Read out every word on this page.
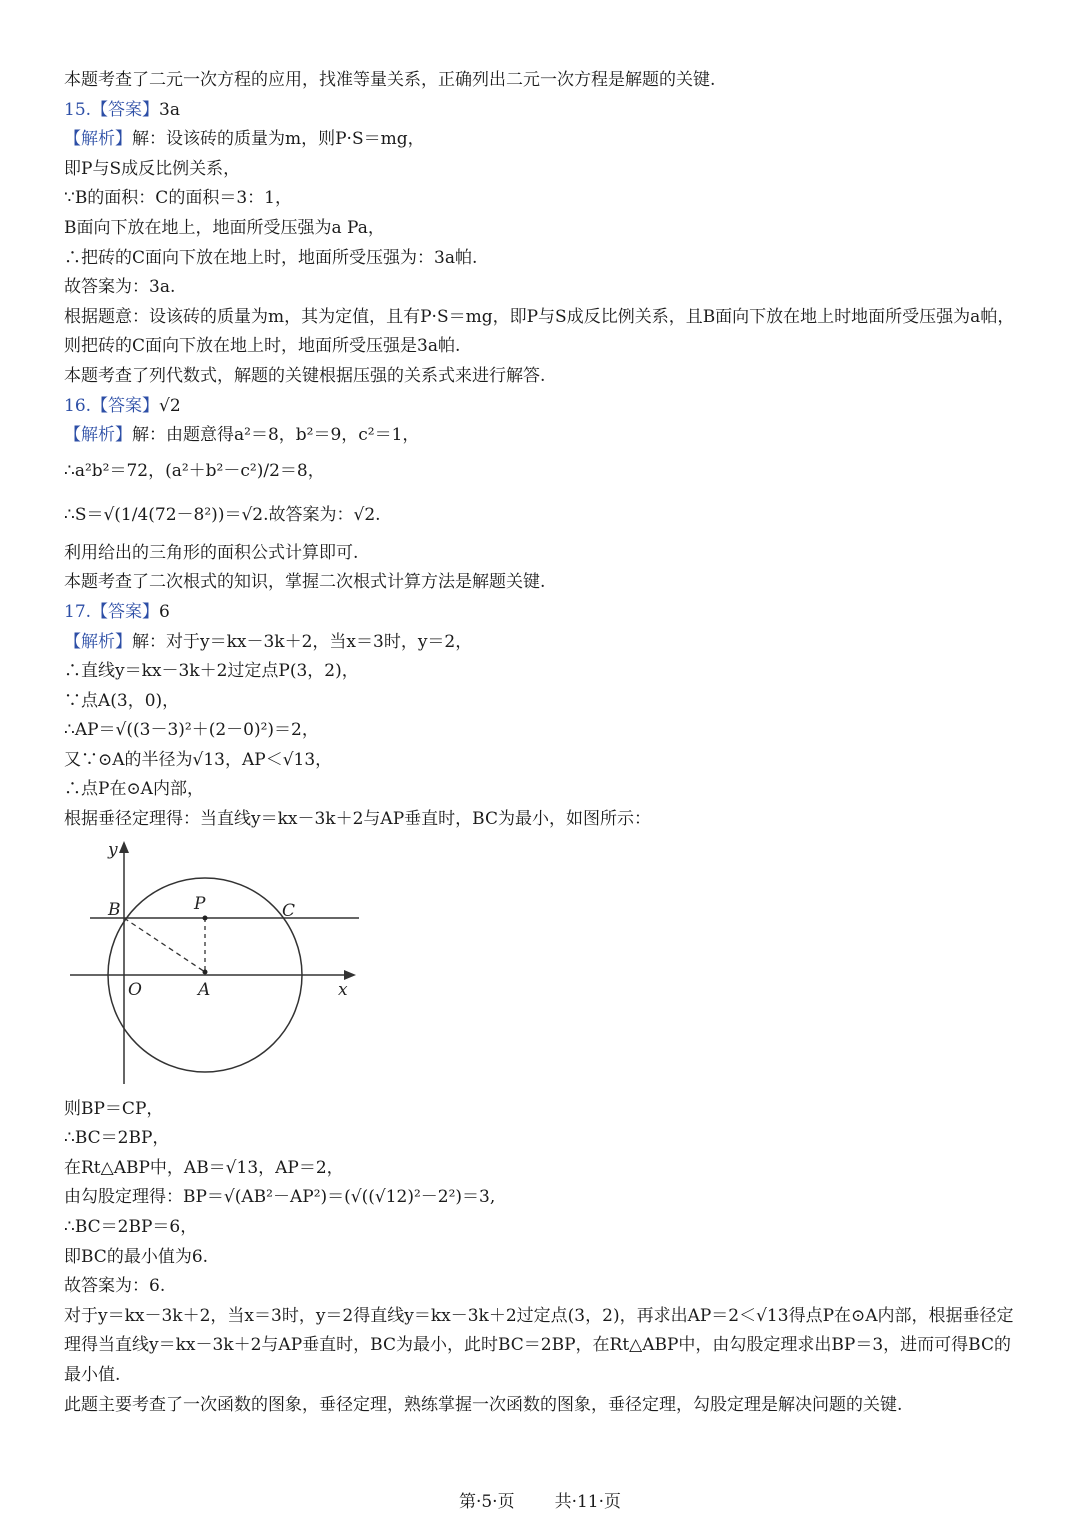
本题考查了二元一次方程的应用，找准等量关系，正确列出二元一次方程是解题的关键.
15.【答案】3a
【解析】解：设该砖的质量为m，则P·S＝mg，
即P与S成反比例关系，
∵B的面积：C的面积＝3：1，
B面向下放在地上，地面所受压强为a Pa，
∴把砖的C面向下放在地上时，地面所受压强为：3a帕.
故答案为：3a.
根据题意：设该砖的质量为m，其为定值，且有P·S＝mg，即P与S成反比例关系，且B面向下放在地上时地面所受压强为a帕，则把砖的C面向下放在地上时，地面所受压强是3a帕.
本题考查了列代数式，解题的关键根据压强的关系式来进行解答.
16.【答案】√2
【解析】解：由题意得a²＝8，b²＝9，c²＝1，
∴a²b²＝72，(a²＋b²－c²)/2＝8，
∴S＝√(1/4(72－8²))＝√2.故答案为：√2.
利用给出的三角形的面积公式计算即可.
本题考查了二次根式的知识，掌握二次根式计算方法是解题关键.
17.【答案】6
【解析】解：对于y＝kx－3k＋2，当x＝3时，y＝2，
∴直线y＝kx－3k＋2过定点P(3，2)，
∵点A(3，0)，
∴AP＝√((3－3)²＋(2－0)²)＝2，
又∵⊙A的半径为√13，AP＜√13，
∴点P在⊙A内部，
根据垂径定理得：当直线y＝kx－3k＋2与AP垂直时，BC为最小，如图所示：
y
x
B	P	C
O	A
则BP＝CP，
∴BC＝2BP，
在Rt△ABP中，AB＝√13，AP＝2，
由勾股定理得：BP＝√(AB²－AP²)＝(√((√12)²－2²)＝3,
∴BC＝2BP＝6，
即BC的最小值为6.
故答案为：6.
对于y＝kx－3k＋2，当x＝3时，y＝2得直线y＝kx－3k＋2过定点(3，2)，再求出AP＝2＜√13得点P在⊙A内部，根据垂径定理得当直线y＝kx－3k＋2与AP垂直时，BC为最小，此时BC＝2BP，在Rt△ABP中，由勾股定理求出BP＝3，进而可得BC的最小值.
此题主要考查了一次函数的图象，垂径定理，熟练掌握一次函数的图象，垂径定理，勾股定理是解决问题的关键.
第·5·页 共·11·页
